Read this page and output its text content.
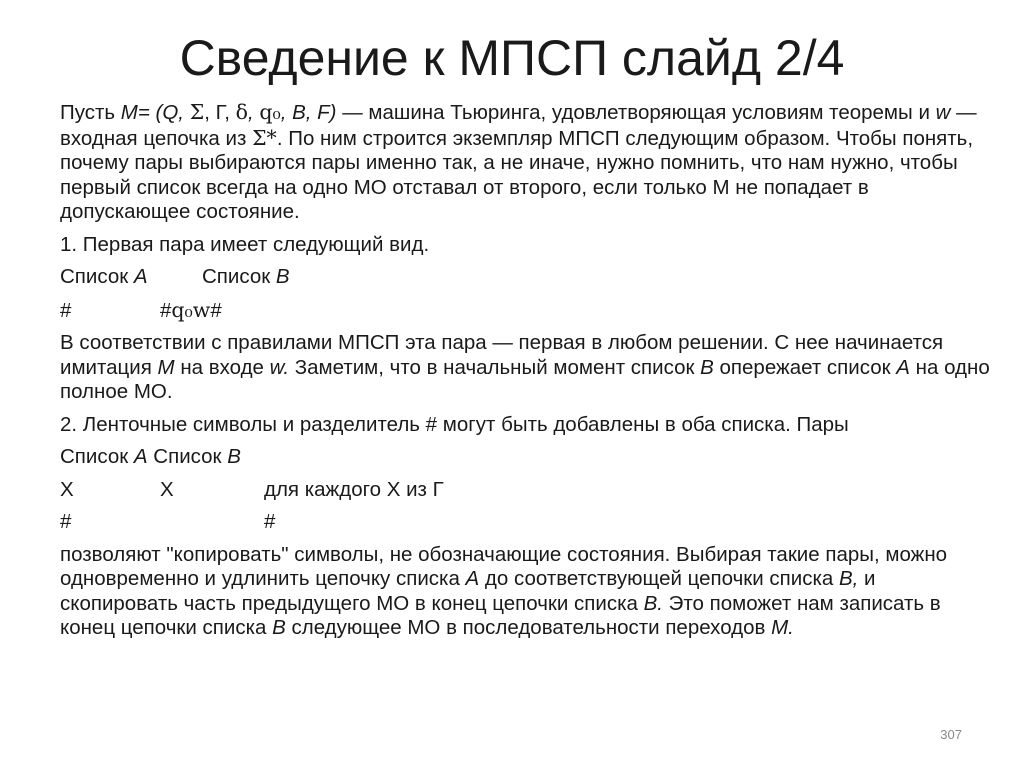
Сведение к МПСП слайд 2/4

Пусть M= (Q, Σ, Г, δ, q₀, B, F) — машина Тьюринга, удовлетворяющая условиям теоремы и w — входная цепочка из Σ*. По ним строится экземпляр МПСП следующим образом. Чтобы понять, почему пары выбираются пары именно так, а не иначе, нужно помнить, что нам нужно, чтобы первый список всегда на одно МО отставал от второго, если только M не попадает в допускающее состояние.

1. Первая пара имеет следующий вид.

Список A	Список B

#	#q₀w#

В соответствии с правилами МПСП эта пара — первая в любом решении. С нее начинается имитация M на входе w. Заметим, что в начальный момент список B опережает список A на одно полное МО.

2. Ленточные символы и разделитель # могут быть добавлены в оба списка. Пары

Список A Список B

X	X	для каждого X из Г

#	#

позволяют "копировать" символы, не обозначающие состояния. Выбирая такие пары, можно одновременно и удлинить цепочку списка A до соответствующей цепочки списка B, и скопировать часть предыдущего МО в конец цепочки списка B. Это поможет нам записать в конец цепочки списка B следующее МО в последовательности переходов M.

307
